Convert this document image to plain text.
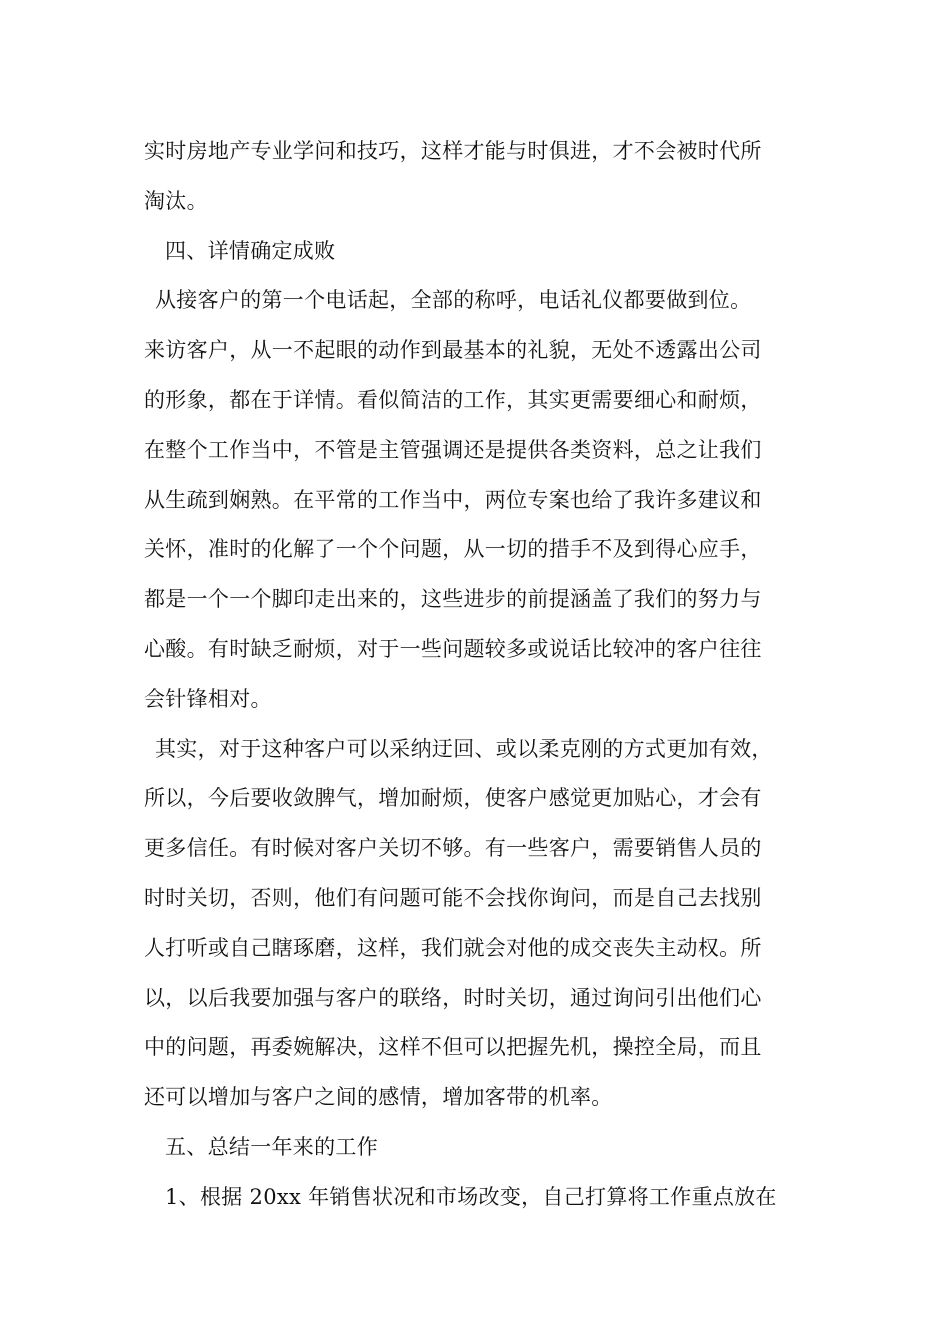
实时房地产专业学问和技巧，这样才能与时俱进，才不会被时代所
淘汰。
四、详情确定成败
从接客户的第一个电话起，全部的称呼，电话礼仪都要做到位。
来访客户，从一不起眼的动作到最基本的礼貌，无处不透露出公司
的形象，都在于详情。看似简洁的工作，其实更需要细心和耐烦，
在整个工作当中，不管是主管强调还是提供各类资料，总之让我们
从生疏到娴熟。在平常的工作当中，两位专案也给了我许多建议和
关怀，准时的化解了一个个问题，从一切的措手不及到得心应手，
都是一个一个脚印走出来的，这些进步的前提涵盖了我们的努力与
心酸。有时缺乏耐烦，对于一些问题较多或说话比较冲的客户往往
会针锋相对。
其实，对于这种客户可以采纳迂回、或以柔克刚的方式更加有效，
所以，今后要收敛脾气，增加耐烦，使客户感觉更加贴心，才会有
更多信任。有时候对客户关切不够。有一些客户，需要销售人员的
时时关切，否则，他们有问题可能不会找你询问，而是自己去找别
人打听或自己瞎琢磨，这样，我们就会对他的成交丧失主动权。所
以，以后我要加强与客户的联络，时时关切，通过询问引出他们心
中的问题，再委婉解决，这样不但可以把握先机，操控全局，而且
还可以增加与客户之间的感情，增加客带的机率。
五、总结一年来的工作
1、根据 20xx 年销售状况和市场改变，自己打算将工作重点放在
